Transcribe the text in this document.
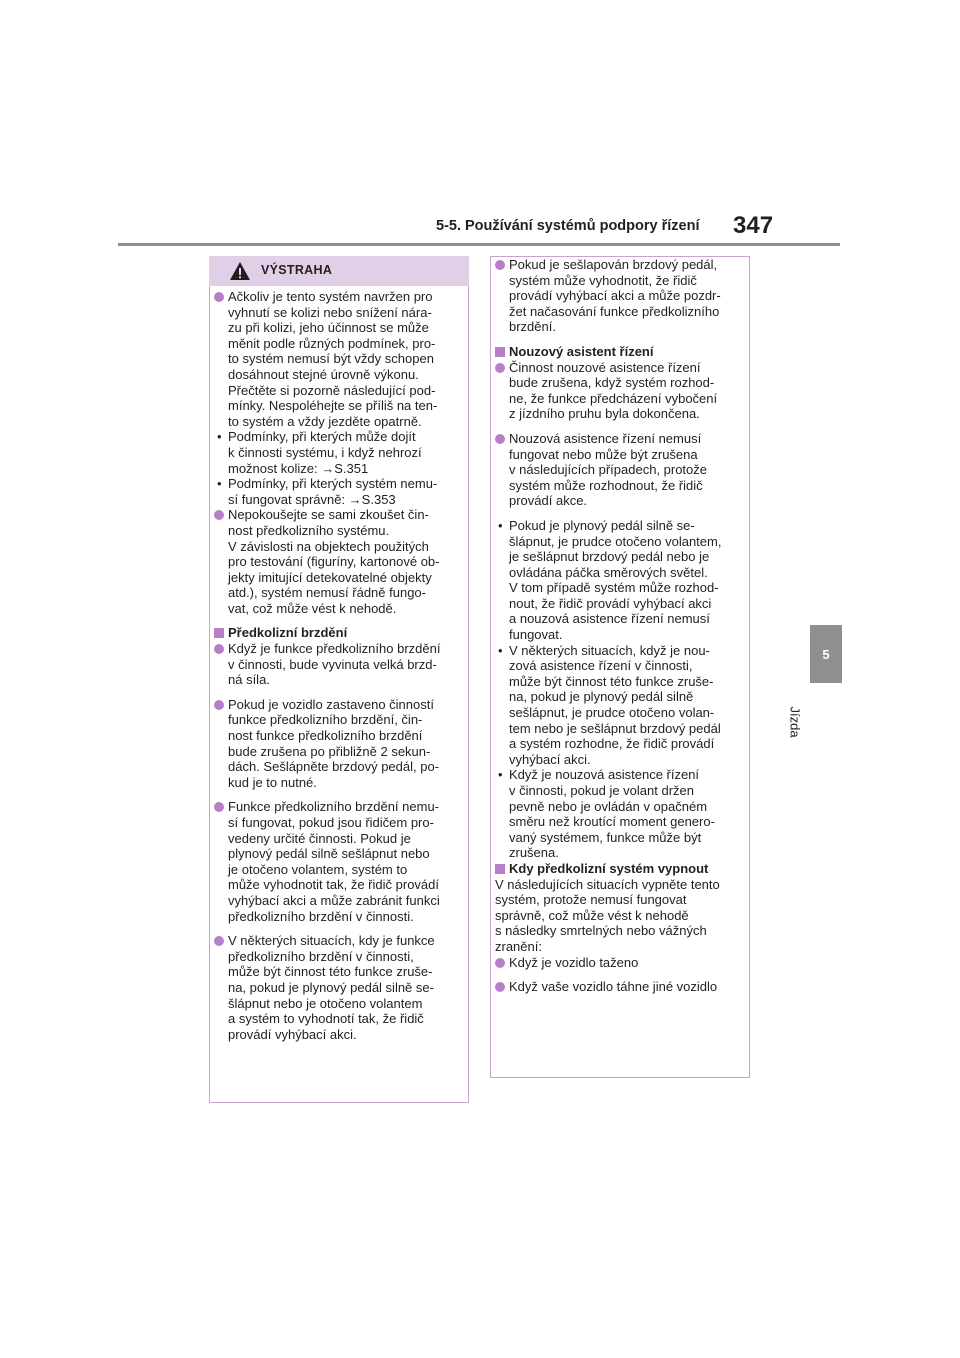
5-5. Používání systémů podpory řízení 347
5
Jízda
VÝSTRAHA
Ačkoliv je tento systém navržen pro
vyhnutí se kolizi nebo snížení nára-
zu při kolizi, jeho účinnost se může
měnit podle různých podmínek, pro-
to systém nemusí být vždy schopen
dosáhnout stejné úrovně výkonu.
Přečtěte si pozorně následující pod-
mínky. Nespoléhejte se příliš na ten-
to systém a vždy jezděte opatrně.
• Podmínky, při kterých může dojít
k činnosti systému, i když nehrozí
možnost kolize: →S.351
• Podmínky, při kterých systém nemu-
sí fungovat správně: →S.353
Nepokoušejte se sami zkoušet čin-
nost předkolizního systému.
V závislosti na objektech použitých
pro testování (figuríny, kartonové ob-
jekty imitující detekovatelné objekty
atd.), systém nemusí řádně fungo-
vat, což může vést k nehodě.
Předkolizní brzdění
Když je funkce předkolizního brzdění
v činnosti, bude vyvinuta velká brzd-
ná síla.
Pokud je vozidlo zastaveno činností
funkce předkolizního brzdění, čin-
nost funkce předkolizního brzdění
bude zrušena po přibližně 2 sekun-
dách. Sešlápněte brzdový pedál, po-
kud je to nutné.
Funkce předkolizního brzdění nemu-
sí fungovat, pokud jsou řidičem pro-
vedeny určité činnosti. Pokud je
plynový pedál silně sešlápnut nebo
je otočeno volantem, systém to
může vyhodnotit tak, že řidič provádí
vyhýbací akci a může zabránit funkci
předkolizního brzdění v činnosti.
V některých situacích, kdy je funkce
předkolizního brzdění v činnosti,
může být činnost této funkce zruše-
na, pokud je plynový pedál silně se-
šlápnut nebo je otočeno volantem
a systém to vyhodnotí tak, že řidič
provádí vyhýbací akci.
Pokud je sešlapován brzdový pedál,
systém může vyhodnotit, že řidič
provádí vyhýbací akci a může pozdr-
žet načasování funkce předkolizního
brzdění.
Nouzový asistent řízení
Činnost nouzové asistence řízení
bude zrušena, když systém rozhod-
ne, že funkce předcházení vybočení
z jízdního pruhu byla dokončena.
Nouzová asistence řízení nemusí
fungovat nebo může být zrušena
v následujících případech, protože
systém může rozhodnout, že řidič
provádí akce.
• Pokud je plynový pedál silně se-
šlápnut, je prudce otočeno volantem,
je sešlápnut brzdový pedál nebo je
ovládána páčka směrových světel.
V tom případě systém může rozhod-
nout, že řidič provádí vyhýbací akci
a nouzová asistence řízení nemusí
fungovat.
• V některých situacích, když je nou-
zová asistence řízení v činnosti,
může být činnost této funkce zruše-
na, pokud je plynový pedál silně
sešlápnut, je prudce otočeno volan-
tem nebo je sešlápnut brzdový pedál
a systém rozhodne, že řidič provádí
vyhýbací akci.
• Když je nouzová asistence řízení
v činnosti, pokud je volant držen
pevně nebo je ovládán v opačném
směru než kroutící moment genero-
vaný systémem, funkce může být
zrušena.
Kdy předkolizní systém vypnout
V následujících situacích vypněte tento
systém, protože nemusí fungovat
správně, což může vést k nehodě
s následky smrtelných nebo vážných
zranění:
Když je vozidlo taženo
Když vaše vozidlo táhne jiné vozidlo
